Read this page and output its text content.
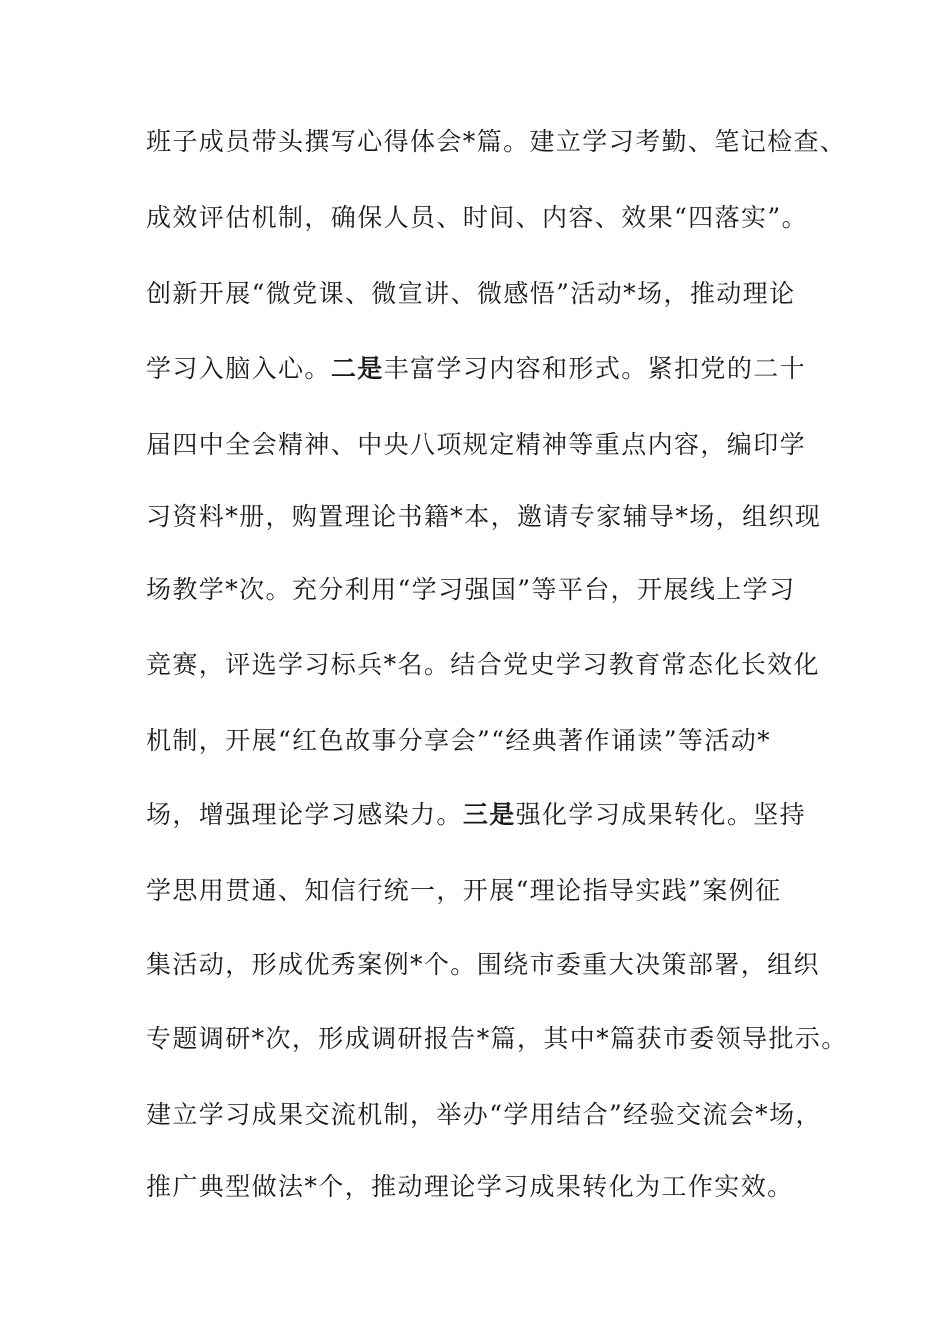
班子成员带头撰写心得体会*篇。建立学习考勤、笔记检查、
成效评估机制，确保人员、时间、内容、效果“四落实”。
创新开展“微党课、微宣讲、微感悟”活动*场，推动理论
学习入脑入心。二是丰富学习内容和形式。紧扣党的二十
届四中全会精神、中央八项规定精神等重点内容，编印学
习资料*册，购置理论书籍*本，邀请专家辅导*场，组织现
场教学*次。充分利用“学习强国”等平台，开展线上学习
竞赛，评选学习标兵*名。结合党史学习教育常态化长效化
机制，开展“红色故事分享会”“经典著作诵读”等活动*
场，增强理论学习感染力。三是强化学习成果转化。坚持
学思用贯通、知信行统一，开展“理论指导实践”案例征
集活动，形成优秀案例*个。围绕市委重大决策部署，组织
专题调研*次，形成调研报告*篇，其中*篇获市委领导批示。
建立学习成果交流机制，举办“学用结合”经验交流会*场，
推广典型做法*个，推动理论学习成果转化为工作实效。
